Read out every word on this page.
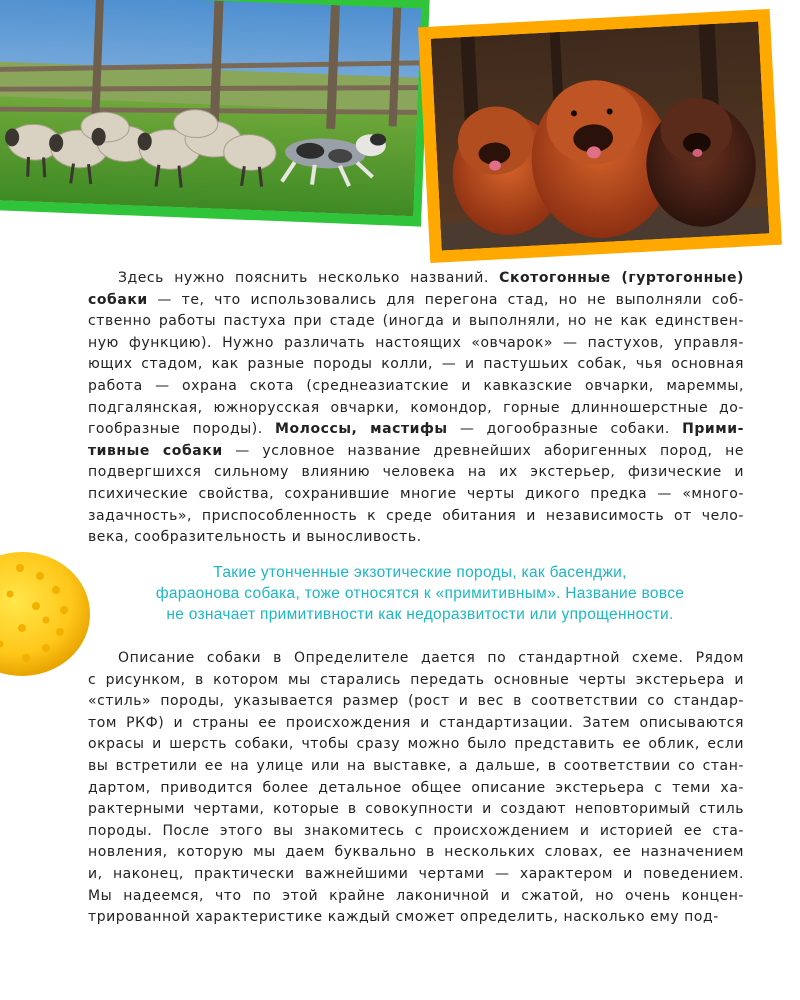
Здесь нужно пояснить несколько названий. Скотогонные (гуртогонные)
собаки — те, что использовались для перегона стад, но не выполняли соб-
ственно работы пастуха при стаде (иногда и выполняли, но не как единствен-
ную функцию). Нужно различать настоящих «овчарок» — пастухов, управля-
ющих стадом, как разные породы колли, — и пастушьих собак, чья основная
работа — охрана скота (среднеазиатские и кавказские овчарки, мареммы,
подгалянская, южнорусская овчарки, комондор, горные длинношерстные до-
гообразные породы). Молоссы, мастифы — догообразные собаки. Прими-
тивные собаки — условное название древнейших аборигенных пород, не
подвергшихся сильному влиянию человека на их экстерьер, физические и
психические свойства, сохранившие многие черты дикого предка — «много-
задачность», приспособленность к среде обитания и независимость от чело-
века, сообразительность и выносливость.
Такие утонченные экзотические породы, как басенджи,
фараонова собака, тоже относятся к «примитивным». Название вовсе
не означает примитивности как недоразвитости или упрощенности.
Описание собаки в Определителе дается по стандартной схеме. Рядом
с рисунком, в котором мы старались передать основные черты экстерьера и
«стиль» породы, указывается размер (рост и вес в соответствии со стандар-
том РКФ) и страны ее происхождения и стандартизации. Затем описываются
окрасы и шерсть собаки, чтобы сразу можно было представить ее облик, если
вы встретили ее на улице или на выставке, а дальше, в соответствии со стан-
дартом, приводится более детальное общее описание экстерьера с теми ха-
рактерными чертами, которые в совокупности и создают неповторимый стиль
породы. После этого вы знакомитесь с происхождением и историей ее ста-
новления, которую мы даем буквально в нескольких словах, ее назначением
и, наконец, практически важнейшими чертами — характером и поведением.
Мы надеемся, что по этой крайне лаконичной и сжатой, но очень концен-
трированной характеристике каждый сможет определить, насколько ему под-
